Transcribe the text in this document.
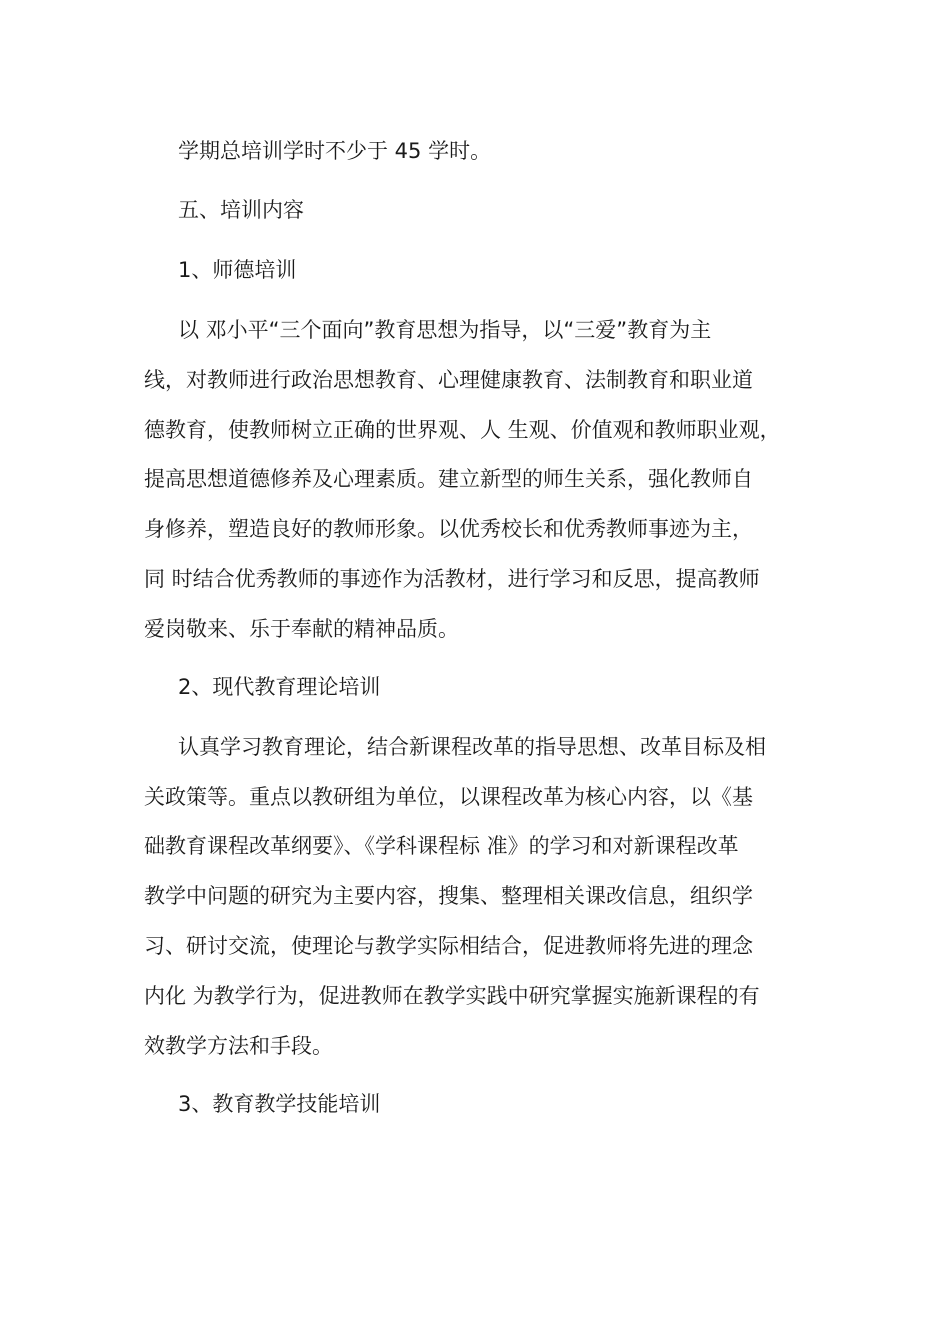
学期总培训学时不少于 45 学时。
五、培训内容
1、师德培训
以 邓小平“三个面向”教育思想为指导，以“三爱”教育为主
线，对教师进行政治思想教育、心理健康教育、法制教育和职业道
德教育，使教师树立正确的世界观、人 生观、价值观和教师职业观，
提高思想道德修养及心理素质。建立新型的师生关系，强化教师自
身修养，塑造良好的教师形象。以优秀校长和优秀教师事迹为主，
同 时结合优秀教师的事迹作为活教材，进行学习和反思，提高教师
爱岗敬来、乐于奉献的精神品质。
2、现代教育理论培训
认真学习教育理论，结合新课程改革的指导思想、改革目标及相
关政策等。重点以教研组为单位，以课程改革为核心内容，以《基
础教育课程改革纲要》、《学科课程标 准》的学习和对新课程改革
教学中问题的研究为主要内容，搜集、整理相关课改信息，组织学
习、研讨交流，使理论与教学实际相结合，促进教师将先进的理念
内化 为教学行为，促进教师在教学实践中研究掌握实施新课程的有
效教学方法和手段。
3、教育教学技能培训
